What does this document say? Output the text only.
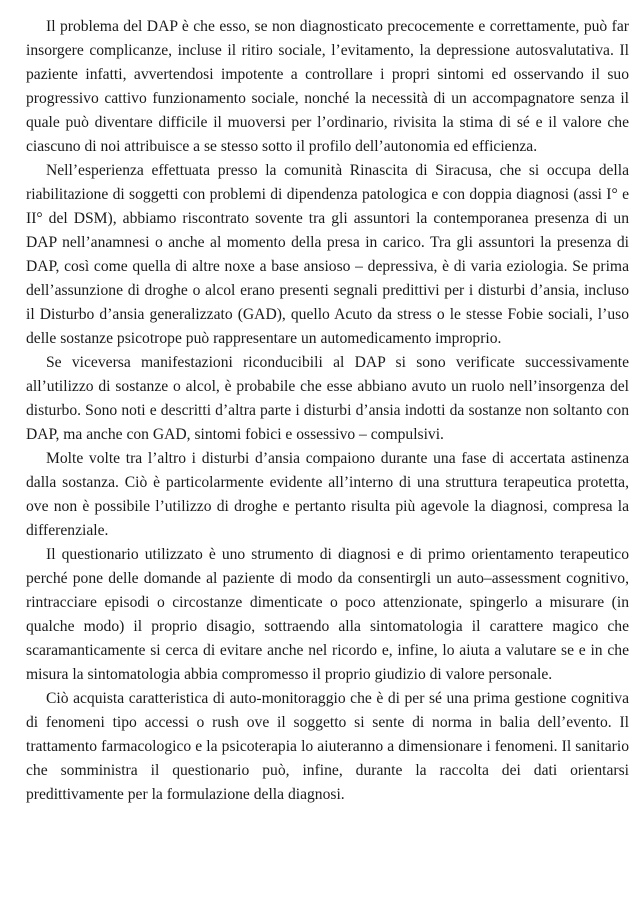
Il problema del DAP è che esso, se non diagnosticato precocemente e correttamente, può far insorgere complicanze, incluse il ritiro sociale, l’evitamento, la depressione autosvalutativa. Il paziente infatti, avvertendosi impotente a controllare i propri sintomi ed osservando il suo progressivo cattivo funzionamento sociale, nonché la necessità di un accompagnatore senza il quale può diventare difficile il muoversi per l’ordinario, rivisita la stima di sé e il valore che ciascuno di noi attribuisce a se stesso sotto il profilo dell’autonomia ed efficienza.

Nell’esperienza effettuata presso la comunità Rinascita di Siracusa, che si occupa della riabilitazione di soggetti con problemi di dipendenza patologica e con doppia diagnosi (assi I° e II° del DSM), abbiamo riscontrato sovente tra gli assuntori la contemporanea presenza di un DAP nell’anamnesi o anche al momento della presa in carico. Tra gli assuntori la presenza di DAP, così come quella di altre noxe a base ansioso – depressiva, è di varia eziologia. Se prima dell’assunzione di droghe o alcol erano presenti segnali predittivi per i disturbi d’ansia, incluso il Disturbo d’ansia generalizzato (GAD), quello Acuto da stress o le stesse Fobie sociali, l’uso delle sostanze psicotrope può rappresentare un automedicamento improprio.

Se viceversa manifestazioni riconducibili al DAP si sono verificate successivamente all’utilizzo di sostanze o alcol, è probabile che esse abbiano avuto un ruolo nell’insorgenza del disturbo. Sono noti e descritti d’altra parte i disturbi d’ansia indotti da sostanze non soltanto con DAP, ma anche con GAD, sintomi fobici e ossessivo – compulsivi.

Molte volte tra l’altro i disturbi d’ansia compaiono durante una fase di accertata astinenza dalla sostanza. Ciò è particolarmente evidente all’interno di una struttura terapeutica protetta, ove non è possibile l’utilizzo di droghe e pertanto risulta più agevole la diagnosi, compresa la differenziale.

Il questionario utilizzato è uno strumento di diagnosi e di primo orientamento terapeutico perché pone delle domande al paziente di modo da consentirgli un auto–assessment cognitivo, rintracciare episodi o circostanze dimenticate o poco attenzionate, spingerlo a misurare (in qualche modo) il proprio disagio, sottraendo alla sintomatologia il carattere magico che scaramanticamente si cerca di evitare anche nel ricordo e, infine, lo aiuta a valutare se e in che misura la sintomatologia abbia compromesso il proprio giudizio di valore personale.

Ciò acquista caratteristica di auto-monitoraggio che è di per sé una prima gestione cognitiva di fenomeni tipo accessi o rush ove il soggetto si sente di norma in balia dell’evento. Il trattamento farmacologico e la psicoterapia lo aiuteranno a dimensionare i fenomeni. Il sanitario che somministra il questionario può, infine, durante la raccolta dei dati orientarsi predittivamente per la formulazione della diagnosi.
